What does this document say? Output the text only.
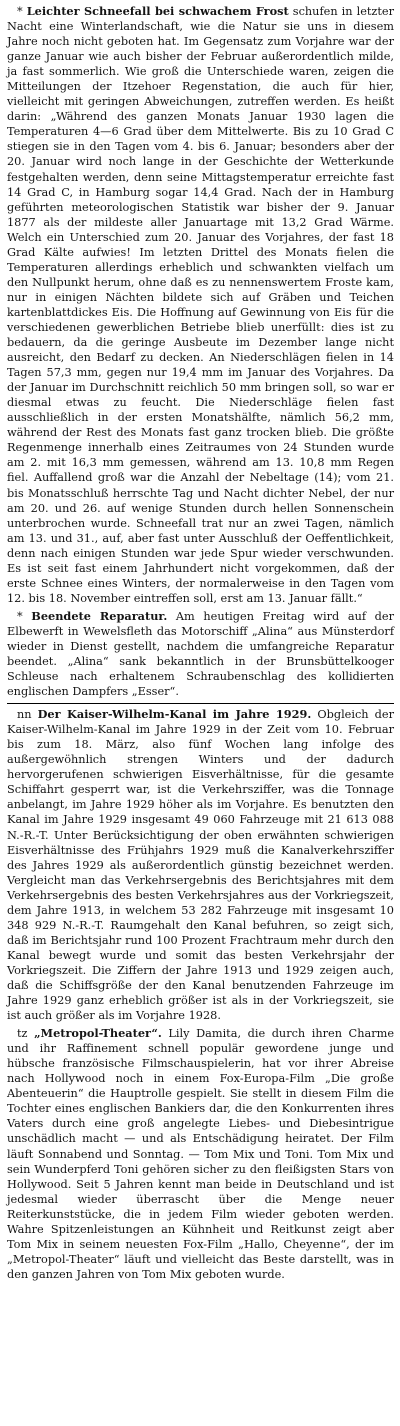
* Leichter Schneefall bei schwachem Frost schufen in letzter Nacht eine Winterlandschaft, wie die Natur sie uns in diesem Jahre noch nicht geboten hat. Im Gegensatz zum Vorjahre war der ganze Januar wie auch bisher der Februar außerordentlich milde, ja fast sommerlich. Wie groß die Unterschiede waren, zeigen die Mitteilungen der Itzehoer Regenstation, die auch für hier, vielleicht mit geringen Abweichungen, zutreffen werden. Es heißt darin: „Während des ganzen Monats Januar 1930 lagen die Temperaturen 4—6 Grad über dem Mittelwerte. Bis zu 10 Grad C stiegen sie in den Tagen vom 4. bis 6. Januar; besonders aber der 20. Januar wird noch lange in der Geschichte der Wetterkunde festgehalten werden, denn seine Mittagstemperatur erreichte fast 14 Grad C, in Hamburg sogar 14,4 Grad. Nach der in Hamburg geführten meteorologischen Statistik war bisher der 9. Januar 1877 als der mildeste aller Januartage mit 13,2 Grad Wärme. Welch ein Unterschied zum 20. Januar des Vorjahres, der fast 18 Grad Kälte aufwies! Im letzten Drittel des Monats fielen die Temperaturen allerdings erheblich und schwankten vielfach um den Nullpunkt herum, ohne daß es zu nennenswertem Froste kam, nur in einigen Nächten bildete sich auf Gräben und Teichen kartenblattdickes Eis. Die Hoffnung auf Gewinnung von Eis für die verschiedenen gewerblichen Betriebe blieb unerfüllt: dies ist zu bedauern, da die geringe Ausbeute im Dezember lange nicht ausreicht, den Bedarf zu decken. An Niederschlägen fielen in 14 Tagen 57,3 mm, gegen nur 19,4 mm im Januar des Vorjahres. Da der Januar im Durchschnitt reichlich 50 mm bringen soll, so war er diesmal etwas zu feucht. Die Niederschläge fielen fast ausschließlich in der ersten Monatshälfte, nämlich 56,2 mm, während der Rest des Monats fast ganz trocken blieb. Die größte Regenmenge innerhalb eines Zeitraumes von 24 Stunden wurde am 2. mit 16,3 mm gemessen, während am 13. 10,8 mm Regen fiel. Auffallend groß war die Anzahl der Nebeltage (14); vom 21. bis Monatsschluß herrschte Tag und Nacht dichter Nebel, der nur am 20. und 26. auf wenige Stunden durch hellen Sonnenschein unterbrochen wurde. Schneefall trat nur an zwei Tagen, nämlich am 13. und 31., auf, aber fast unter Ausschluß der Oeffentlichkeit, denn nach einigen Stunden war jede Spur wieder verschwunden. Es ist seit fast einem Jahrhundert nicht vorgekommen, daß der erste Schnee eines Winters, der normalerweise in den Tagen vom 12. bis 18. November eintreffen soll, erst am 13. Januar fällt.“

* Beendete Reparatur. Am heutigen Freitag wird auf der Elbewerft in Wewelsfleth das Motorschiff „Alina“ aus Münsterdorf wieder in Dienst gestellt, nachdem die umfangreiche Reparatur beendet. „Alina“ sank bekanntlich in der Brunsbüttelkooger Schleuse nach erhaltenem Schraubenschlag des kollidierten englischen Dampfers „Esser“.

nn Der Kaiser-Wilhelm-Kanal im Jahre 1929. Obgleich der Kaiser-Wilhelm-Kanal im Jahre 1929 in der Zeit vom 10. Februar bis zum 18. März, also fünf Wochen lang infolge des außergewöhnlich strengen Winters und der dadurch hervorgerufenen schwierigen Eisverhältnisse, für die gesamte Schiffahrt gesperrt war, ist die Verkehrsziffer, was die Tonnage anbelangt, im Jahre 1929 höher als im Vorjahre. Es benutzten den Kanal im Jahre 1929 insgesamt 49 060 Fahrzeuge mit 21 613 088 N.-R.-T. Unter Berücksichtigung der oben erwähnten schwierigen Eisverhältnisse des Frühjahrs 1929 muß die Kanalverkehrsziffer des Jahres 1929 als außerordentlich günstig bezeichnet werden. Vergleicht man das Verkehrsergebnis des Berichtsjahres mit dem Verkehrsergebnis des besten Verkehrsjahres aus der Vorkriegszeit, dem Jahre 1913, in welchem 53 282 Fahrzeuge mit insgesamt 10 348 929 N.-R.-T. Raumgehalt den Kanal befuhren, so zeigt sich, daß im Berichtsjahr rund 100 Prozent Frachtraum mehr durch den Kanal bewegt wurde und somit das besten Verkehrsjahr der Vorkriegszeit. Die Ziffern der Jahre 1913 und 1929 zeigen auch, daß die Schiffsgröße der den Kanal benutzenden Fahrzeuge im Jahre 1929 ganz erheblich größer ist als in der Vorkriegszeit, sie ist auch größer als im Vorjahre 1928.

tz „Metropol-Theater“. Lily Damita, die durch ihren Charme und ihr Raffinement schnell populär gewordene junge und hübsche französische Filmschauspielerin, hat vor ihrer Abreise nach Hollywood noch in einem Fox-Europa-Film „Die große Abenteuerin“ die Hauptrolle gespielt. Sie stellt in diesem Film die Tochter eines englischen Bankiers dar, die den Konkurrenten ihres Vaters durch eine groß angelegte Liebes- und Diebesintrigue unschädlich macht — und als Entschädigung heiratet. Der Film läuft Sonnabend und Sonntag. — Tom Mix und Toni. Tom Mix und sein Wunderpferd Toni gehören sicher zu den fleißigsten Stars von Hollywood. Seit 5 Jahren kennt man beide in Deutschland und ist jedesmal wieder überrascht über die Menge neuer Reiterkunststücke, die in jedem Film wieder geboten werden. Wahre Spitzenleistungen an Kühnheit und Reitkunst zeigt aber Tom Mix in seinem neuesten Fox-Film „Hallo, Cheyenne“, der im „Metropol-Theater“ läuft und vielleicht das Beste darstellt, was in den ganzen Jahren von Tom Mix geboten wurde.
